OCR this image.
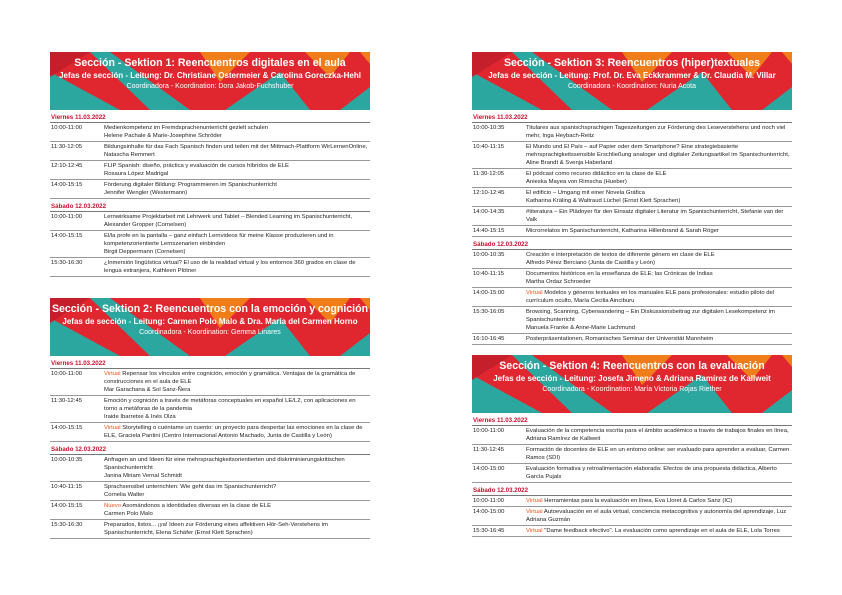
Sección - Sektion 1: Reencuentros digitales en el aula
Jefas de sección - Leitung: Dr. Christiane Ostermeier & Carolina Goreczka-Hehl
Coordinadora - Koordination: Dora Jakob-Fuchshuber
Viernes 11.03.2022
10:00-11:00	Medienkompetenz im Fremdsprachenunterricht gezielt schulen
Helene Pachale & Marie-Josephine Schröder
11:30-12:05	Bildungsinhalte für das Fach Spanisch finden und teilen mit der Mittmach-Plattform WirLernenOnline, Natascha Remmert
12:10-12:45	FLIP Spanish: diseño, práctica y evaluación de cursos híbridos de ELE
Rosaura López Madrigal
14:00-15:15	Förderung digitaler Bildung: Programmieren im Spanischunterricht
Jennifer Wengler (Westermann)
Sábado 12.03.2022
10:00-11:00	Lernwirksame Projektarbeit mit Lehrwerk und Tablet – Blended Learning im Spanischunterricht, Alexander Gropper (Cornelsen)
14:00-15:15	El/la profe en la pantalla – ganz einfach Lernvideos für meine Klasse produzieren und in kompetenzorientierte Lernszenarien einbinden
Birgit Deppermann (Cornelsen)
15:30-16:30	¿Inmersión lingüística virtual? El uso de la realidad virtual y los entornos 360 grados en clase de lengua extranjera, Kathleen Plötner
Sección - Sektion 2: Reencuentros con la emoción y cognición
Jefas de sección - Leitung: Carmen Polo Malo & Dra. María del Carmen Horno
Coordinadora - Koordination: Gemma Linares
Viernes 11.03.2022
10:00-11:00	Virtual Repensar los vínculos entre cognición, emoción y gramática. Ventajas de la gramática de construcciones en el aula de ELE
Mar Garachana & Sol Sanz-Ñera
11:30-12:45	Emoción y cognición a través de metáforas conceptuales en español LE/L2, con aplicaciones en torno a metáforas de la pandemia
Iraide Ibarretxe & Inés Olza
14:00-15:15	Virtual Storytelling o cuéntame un cuento: un proyecto para despertar las emociones en la clase de ELE, Graciela Pantini (Centro Internacional Antonio Machado, Junta de Castilla y León)
Sábado 12.03.2022
10:00-10:35	Anfragen an und Ideen für eine mehrsprachigkeitsorientierten und diskriminierungskritischen Spanischunterricht
Janina Miriam Vernal Schmidt
10:40-11:15	Sprachsensibel unterrichten: Wie geht das im Spanischunterricht?
Cornelia Walter
14:00-15:15	Nuevo Asomándonos a identidades diversas en la clase de ELE
Carmen Polo Malo
15:30-16:30	Preparados, listos... ¡ya! Ideen zur Förderung eines affektiven Hör-Seh-Verstehens im Spanischunterricht, Elena Schäfer (Ernst Klett Sprachen)
Sección - Sektion 3: Reencuentros (hiper)textuales
Jefas de sección - Leitung: Prof. Dr. Eva Eckkrammer & Dr. Claudia M. Villar
Coordinadora - Koordination: Nuria Acota
Viernes 11.03.2022
10:00-10:35	Titulares aus spanischsprachigen Tageszeitungen zur Förderung des Leseverstehens und noch viel mehr, Inga Heybach-Reitz
10:40-11:15	El Mundo und El País – auf Papier oder dem Smartphone? Eine strategiebasierte mehrsprachigkeitssensible Erschließung analoger und digitaler Zeitungsartikel im Spanischunterricht, Aline Brandt & Svenja Haberland
11:30-12:05	El pódcast como recurso didáctico en la clase de ELE
Anieska Mayea von Rimscha (Hueber)
12:10-12:45	El edificio – Umgang mit einer Novela Gráfica
Katharina Kräling & Waltraud Lüchel (Ernst Klett Sprachen)
14:00-14:35	#Iiteratura – Ein Plädoyer für den Einsatz digitaler Literatur im Spanischunterricht, Stefanie van der Valk
14:40-15:15	Microrrelatos im Spanischunterricht, Katharina Hillenbrand & Sarah Röger
Sábado 12.03.2022
10:00-10:35	Creación e interpretación de textos de diferente género en clase de ELE
Alfredo Pérez Berciano (Junta de Castilla y León)
10:40-11:15	Documentos históricos en la enseñanza de ELE: las Crónicas de Indias
Martha Ordaz Schroeder
14:00-15:00	Virtual Modelos y géneros textuales en los manuales ELE para profesionales: estudio piloto del currículum oculto, María Cecilia Ainciburu
15:30-16:05	Browsing, Scanning, Cyberwandering – Ein Diskussionsbeitrag zur digitalen Lesekompetenz im Spanischunterricht
Manuela Franke & Anne-Marie Lachmund
16:10-16:45	Posterpräsentationen, Romanisches Seminar der Universität Mannheim
Sección - Sektion 4: Reencuentros con la evaluación
Jefas de sección - Leitung: Josefa Jimeno & Adriana Ramírez de Kallweit
Coordinadora - Koordination: María Victoria Rojas Riether
Viernes 11.03.2022
10:00-11:00	Evaluación de la competencia escrita para el ámbito académico a través de trabajos finales en línea, Adriana Ramírez de Kallweit
11:30-12:45	Formación de docentes de ELE en un entorno online: ser evaluado para aprender a evaluar, Carmen Ramos (SDI)
14:00-15:00	Evaluación formativa y retroalimentación elaborada: Efectos de una propuesta didáctica, Alberto García Pujals
Sábado 12.03.2022
10:00-11:00	Virtual Herramientas para la evaluación en línea, Eva Lloret & Carlos Sanz (IC)
14:00-15:00	Virtual Autoevaluación en el aula virtual, conciencia metacognitiva y autonomía del aprendizaje, Luz Adriana Guzmán
15:30-16:45	Virtual "Dame feedback efectivo". La evaluación como aprendizaje en el aula de ELE, Lola Torres
